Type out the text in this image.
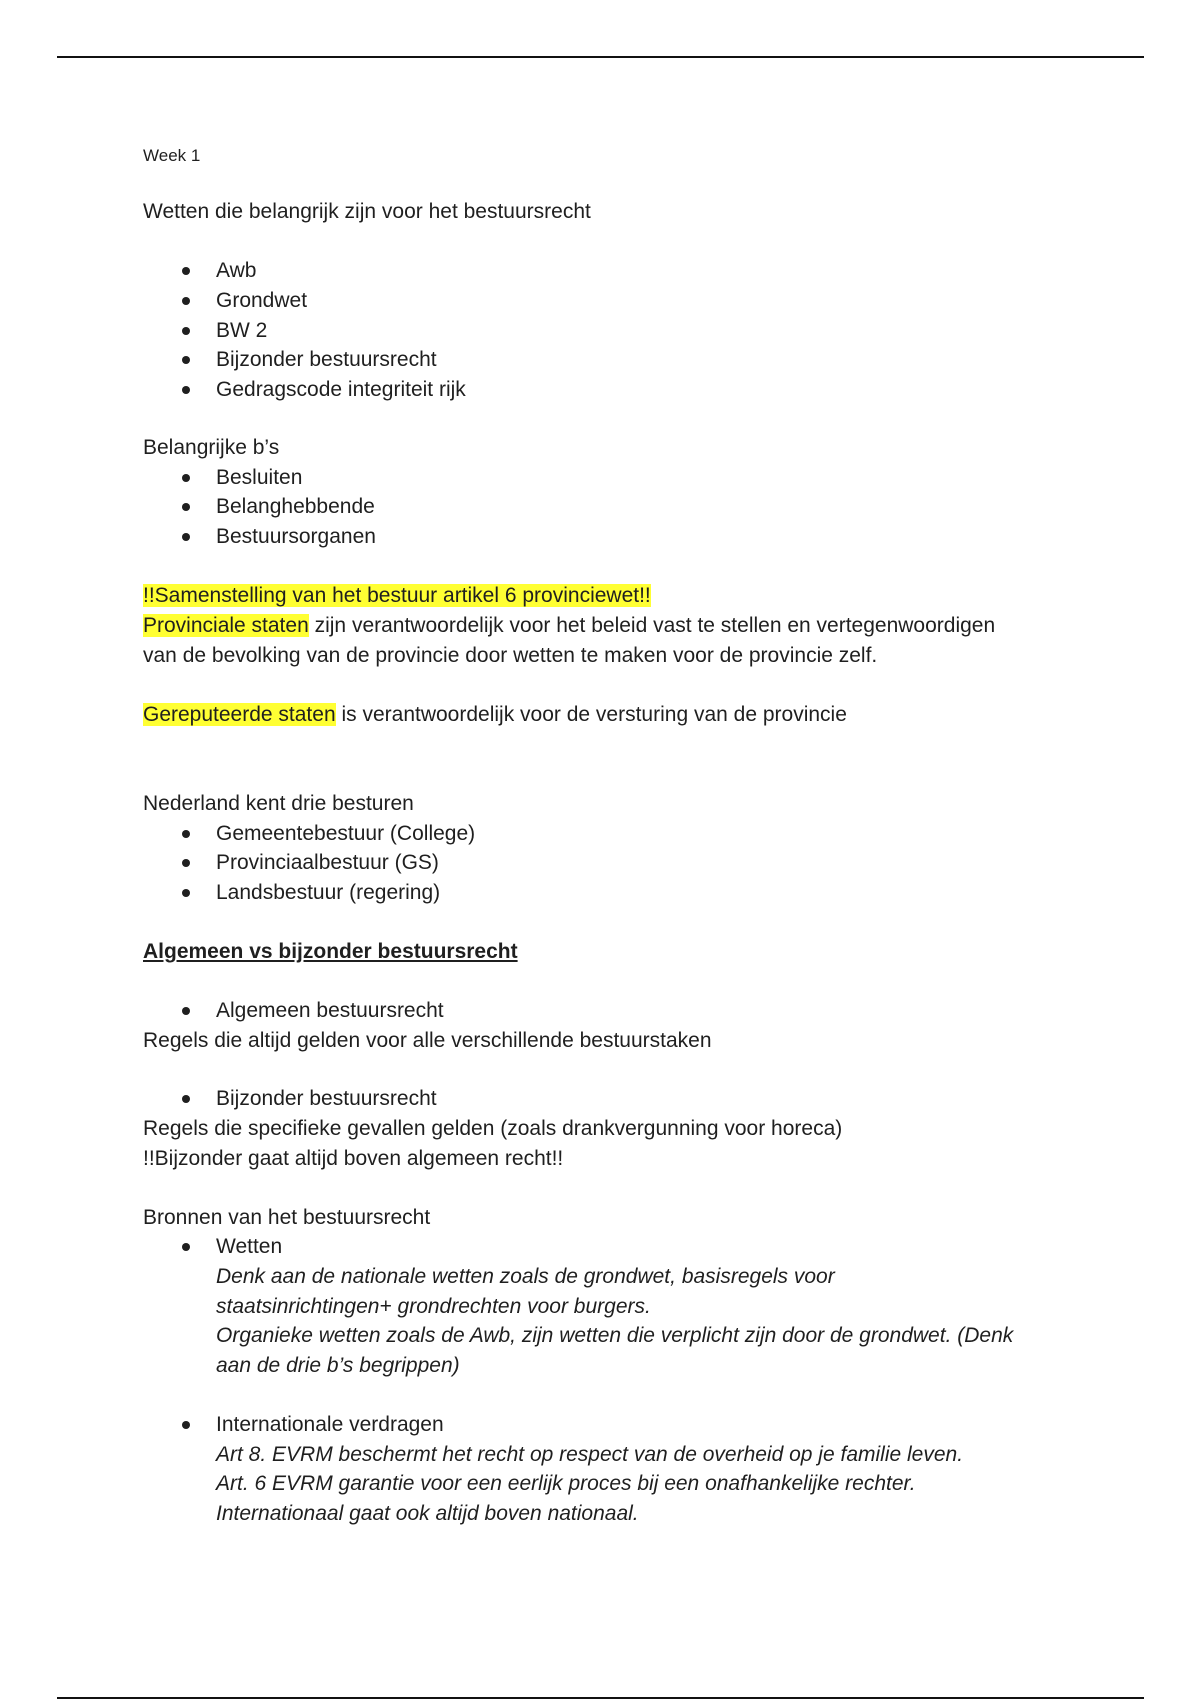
Week 1

Wetten die belangrijk zijn voor het bestuursrecht

Awb

Grondwet

BW 2

Bijzonder bestuursrecht

Gedragscode integriteit rijk

Belangrijke b’s

Besluiten

Belanghebbende

Bestuursorganen

!!Samenstelling van het bestuur artikel 6 provinciewet!!

Provinciale staten zijn verantwoordelijk voor het beleid vast te stellen en vertegenwoordigen

van de bevolking van de provincie door wetten te maken voor de provincie zelf.

Gereputeerde staten is verantwoordelijk voor de versturing van de provincie

Nederland kent drie besturen

Gemeentebestuur (College)

Provinciaalbestuur (GS)

Landsbestuur (regering)

Algemeen vs bijzonder bestuursrecht

Algemeen bestuursrecht

Regels die altijd gelden voor alle verschillende bestuurstaken

Bijzonder bestuursrecht

Regels die specifieke gevallen gelden (zoals drankvergunning voor horeca)

!!Bijzonder gaat altijd boven algemeen recht!!

Bronnen van het bestuursrecht

Wetten

Denk aan de nationale wetten zoals de grondwet, basisregels voor

staatsinrichtingen+ grondrechten voor burgers.

Organieke wetten zoals de Awb, zijn wetten die verplicht zijn door de grondwet. (Denk

aan de drie b’s begrippen)

Internationale verdragen

Art 8. EVRM beschermt het recht op respect van de overheid op je familie leven.

Art. 6 EVRM garantie voor een eerlijk proces bij een onafhankelijke rechter.

Internationaal gaat ook altijd boven nationaal.
